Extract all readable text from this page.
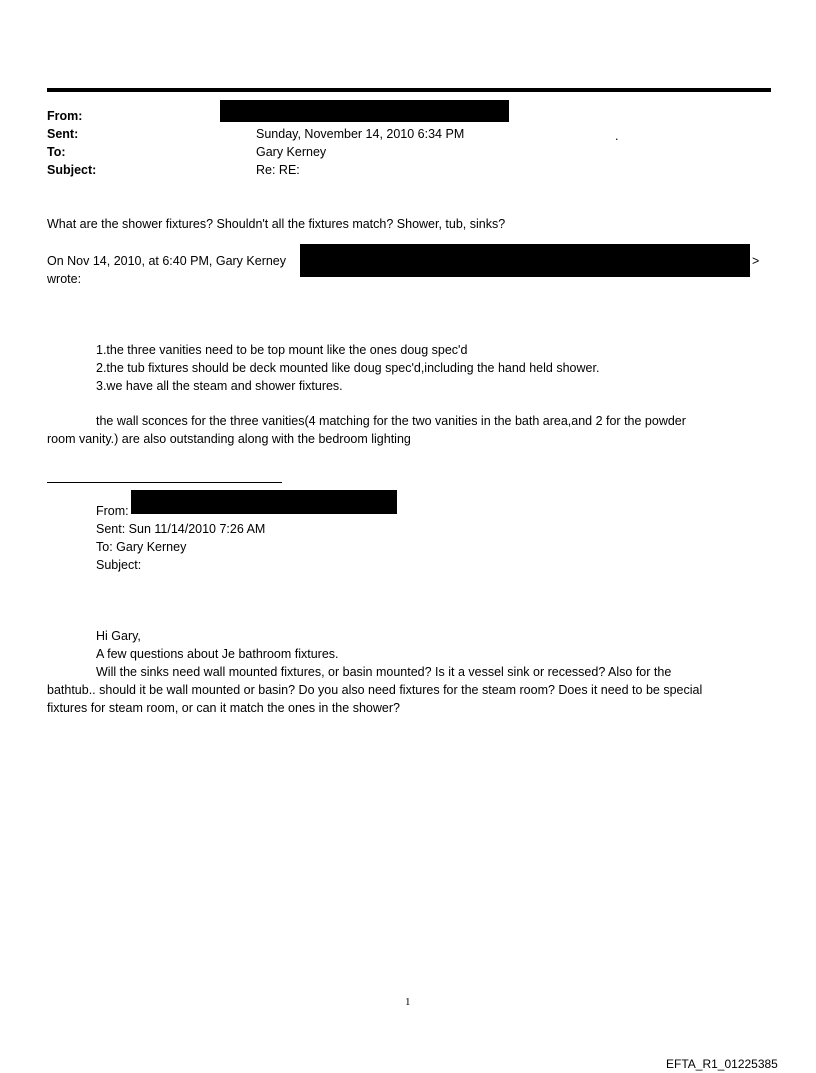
From:
Sent:	Sunday, November 14, 2010 6:34 PM	.
To:	Gary Kerney
Subject:	Re: RE:
What are the shower fixtures? Shouldn't all the fixtures match? Shower, tub, sinks?
On Nov 14, 2010, at 6:40 PM, Gary Kerney	>
wrote:
1.the three vanities need to be top mount like the ones doug spec'd
2.the tub fixtures should be deck mounted like doug spec'd,including the hand held shower.
3.we have all the steam and shower fixtures.
the wall sconces for the three vanities(4 matching for the two vanities in the bath area,and 2 for the powder
room vanity.) are also outstanding along with the bedroom lighting
From:
Sent: Sun 11/14/2010 7:26 AM
To: Gary Kerney
Subject:
Hi Gary,
A few questions about Je bathroom fixtures.
Will the sinks need wall mounted fixtures, or basin mounted? Is it a vessel sink or recessed? Also for the
bathtub.. should it be wall mounted or basin? Do you also need fixtures for the steam room? Does it need to be special
fixtures for steam room, or can it match the ones in the shower?
1
EFTA_R1_01225385
